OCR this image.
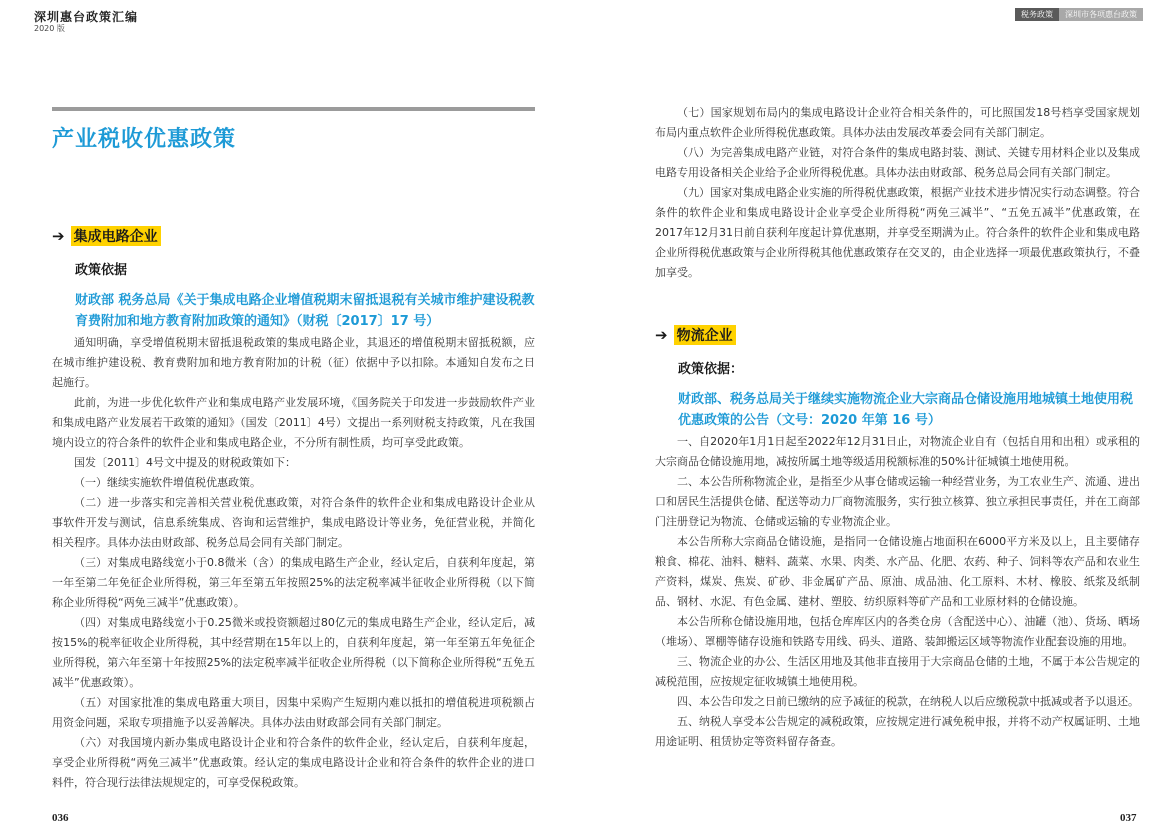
深圳惠台政策汇编
2020 版
税务政策	深圳市各项惠台政策
产业税收优惠政策
➔ 集成电路企业
政策依据
财政部 税务总局《关于集成电路企业增值税期末留抵退税有关城市维护建设税教育费附加和地方教育附加政策的通知》（财税〔2017〕17 号）

通知明确，享受增值税期末留抵退税政策的集成电路企业，其退还的增值税期末留抵税额，应在城市维护建设税、教育费附加和地方教育附加的计税（征）依据中予以扣除。本通知自发布之日起施行。

此前，为进一步优化软件产业和集成电路产业发展环境，《国务院关于印发进一步鼓励软件产业和集成电路产业发展若干政策的通知》（国发〔2011〕4号）文提出一系列财税支持政策，凡在我国境内设立的符合条件的软件企业和集成电路企业，不分所有制性质，均可享受此政策。

国发〔2011〕4号文中提及的财税政策如下：

（一）继续实施软件增值税优惠政策。

（二）进一步落实和完善相关营业税优惠政策，对符合条件的软件企业和集成电路设计企业从事软件开发与测试，信息系统集成、咨询和运营维护，集成电路设计等业务，免征营业税，并简化相关程序。具体办法由财政部、税务总局会同有关部门制定。

（三）对集成电路线宽小于0.8微米（含）的集成电路生产企业，经认定后，自获利年度起，第一年至第二年免征企业所得税，第三年至第五年按照25%的法定税率减半征收企业所得税（以下简称企业所得税“两免三减半”优惠政策）。

（四）对集成电路线宽小于0.25微米或投资额超过80亿元的集成电路生产企业，经认定后，减按15%的税率征收企业所得税，其中经营期在15年以上的，自获利年度起，第一年至第五年免征企业所得税，第六年至第十年按照25%的法定税率减半征收企业所得税（以下简称企业所得税“五免五减半”优惠政策）。

（五）对国家批准的集成电路重大项目，因集中采购产生短期内难以抵扣的增值税进项税额占用资金问题，采取专项措施予以妥善解决。具体办法由财政部会同有关部门制定。

（六）对我国境内新办集成电路设计企业和符合条件的软件企业，经认定后，自获利年度起，享受企业所得税“两免三减半”优惠政策。经认定的集成电路设计企业和符合条件的软件企业的进口料件，符合现行法律法规规定的，可享受保税政策。

036

（七）国家规划布局内的集成电路设计企业符合相关条件的，可比照国发18号档享受国家规划布局内重点软件企业所得税优惠政策。具体办法由发展改革委会同有关部门制定。

（八）为完善集成电路产业链，对符合条件的集成电路封装、测试、关键专用材料企业以及集成电路专用设备相关企业给予企业所得税优惠。具体办法由财政部、税务总局会同有关部门制定。

（九）国家对集成电路企业实施的所得税优惠政策，根据产业技术进步情况实行动态调整。符合条件的软件企业和集成电路设计企业享受企业所得税“两免三减半”、“五免五减半”优惠政策，在2017年12月31日前自获利年度起计算优惠期，并享受至期满为止。符合条件的软件企业和集成电路企业所得税优惠政策与企业所得税其他优惠政策存在交叉的，由企业选择一项最优惠政策执行，不叠加享受。

➔ 物流企业
政策依据：
财政部、税务总局关于继续实施物流企业大宗商品仓储设施用地城镇土地使用税优惠政策的公告（文号：2020 年第 16 号）

一、自2020年1月1日起至2022年12月31日止，对物流企业自有（包括自用和出租）或承租的大宗商品仓储设施用地，减按所属土地等级适用税额标准的50%计征城镇土地使用税。

二、本公告所称物流企业，是指至少从事仓储或运输一种经营业务，为工农业生产、流通、进出口和居民生活提供仓储、配送等动力厂商物流服务，实行独立核算、独立承担民事责任，并在工商部门注册登记为物流、仓储或运输的专业物流企业。

本公告所称大宗商品仓储设施，是指同一仓储设施占地面积在6000平方米及以上，且主要储存粮食、棉花、油料、糖料、蔬菜、水果、肉类、水产品、化肥、农药、种子、饲料等农产品和农业生产资料，煤炭、焦炭、矿砂、非金属矿产品、原油、成品油、化工原料、木材、橡胶、纸浆及纸制品、钢材、水泥、有色金属、建材、塑胶、纺织原料等矿产品和工业原材料的仓储设施。

本公告所称仓储设施用地，包括仓库库区内的各类仓房（含配送中心）、油罐（池）、货场、晒场（堆场）、罩棚等储存设施和铁路专用线、码头、道路、装卸搬运区域等物流作业配套设施的用地。

三、物流企业的办公、生活区用地及其他非直接用于大宗商品仓储的土地，不属于本公告规定的减税范围，应按规定征收城镇土地使用税。

四、本公告印发之日前已缴纳的应予减征的税款，在纳税人以后应缴税款中抵减或者予以退还。

五、纳税人享受本公告规定的减税政策，应按规定进行减免税申报，并将不动产权属证明、土地用途证明、租赁协定等资料留存备查。

037
